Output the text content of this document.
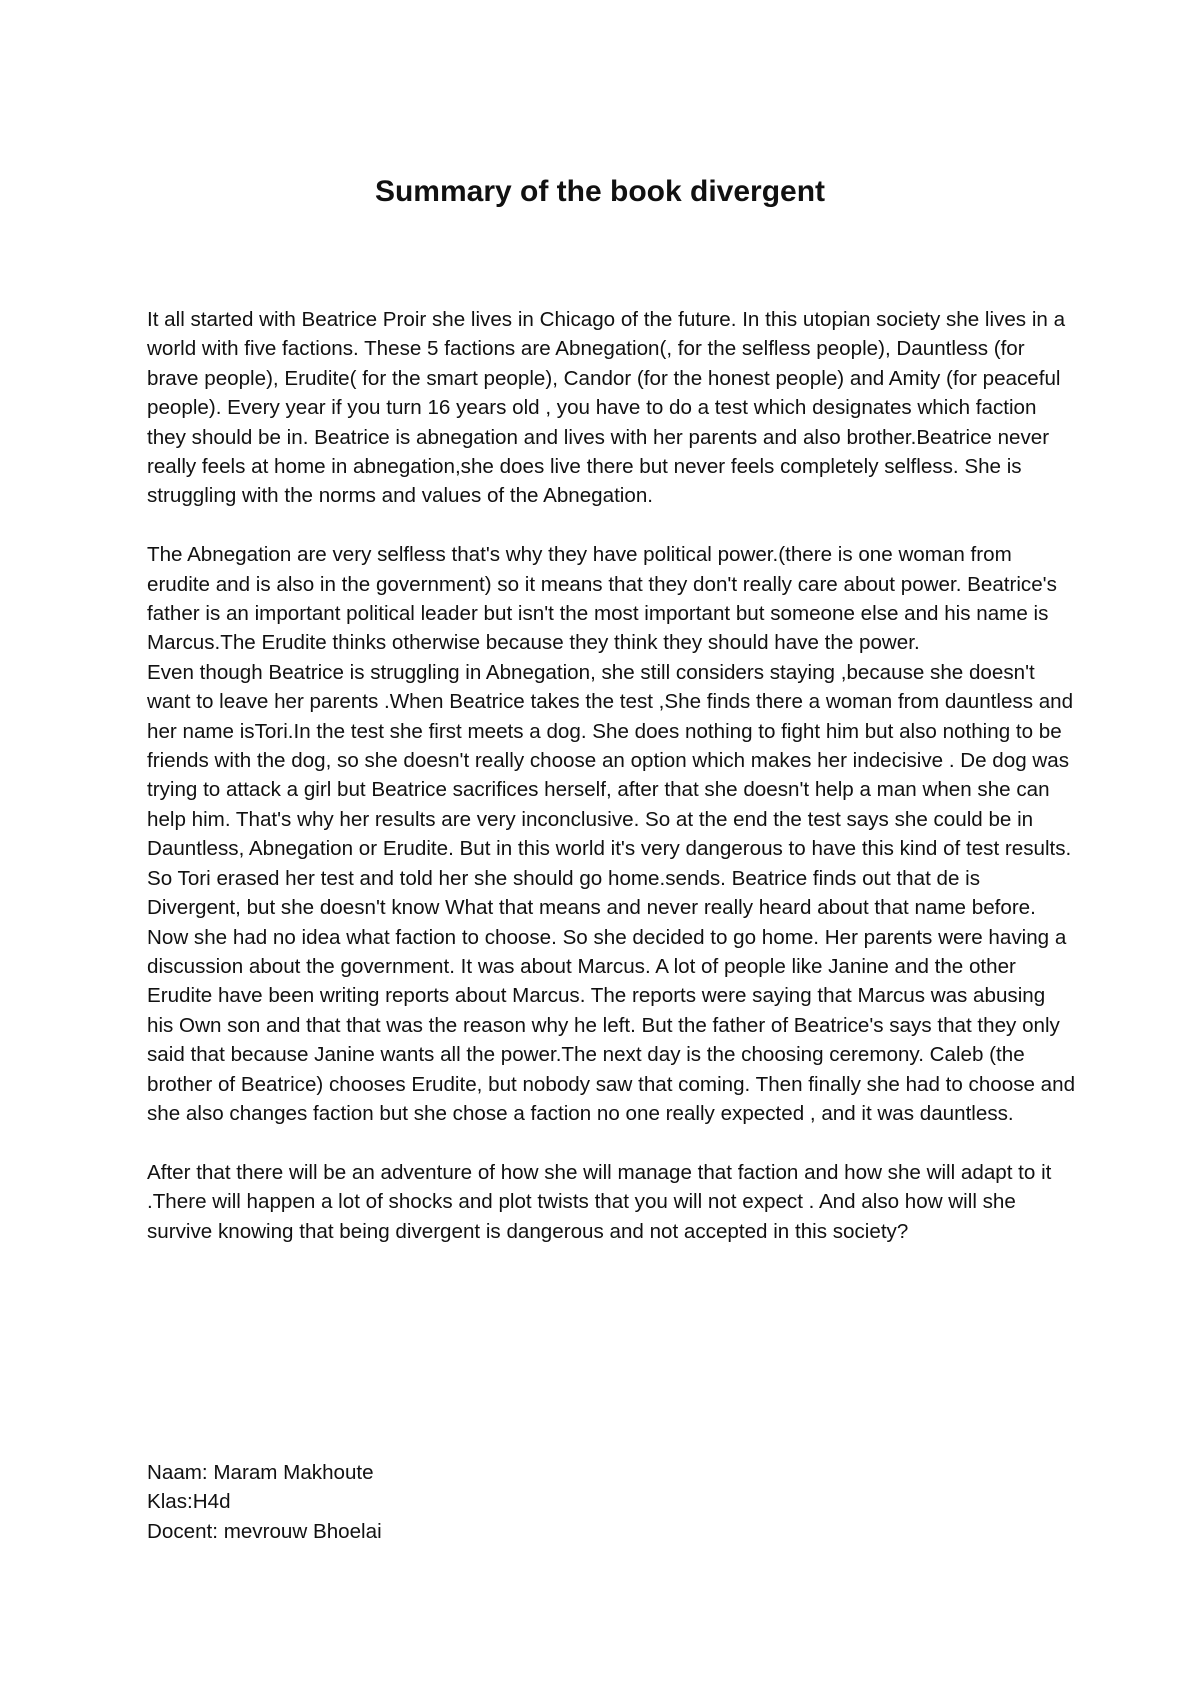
Summary of the book divergent

It all started with Beatrice Proir she lives in Chicago of the future. In this utopian society she lives in a world with five factions. These 5 factions are Abnegation(, for the selfless people), Dauntless (for brave people), Erudite( for the smart people), Candor (for the honest people) and Amity (for peaceful people). Every year if you turn 16 years old , you have to do a test which designates which faction they should be in. Beatrice is abnegation and lives with her parents and also brother.Beatrice never really feels at home in abnegation,she does live there but never feels completely selfless. She is struggling with the norms and values of the Abnegation.

The Abnegation are very selfless that's why they have political power.(there is one woman from erudite and is also in the government) so it means that they don't really care about power. Beatrice's father is an important political leader but isn't the most important but someone else and his name is Marcus.The Erudite thinks otherwise because they think they should have the power.

Even though Beatrice is struggling in Abnegation, she still considers staying ,because she doesn't want to leave her parents .When Beatrice takes the test ,She finds there a woman from dauntless and her name isTori.In the test she first meets a dog. She does nothing to fight him but also nothing to be friends with the dog, so she doesn't really choose an option which makes her indecisive . De dog was trying to attack a girl but Beatrice sacrifices herself, after that she doesn't help a man when she can help him. That's why her results are very inconclusive. So at the end the test says she could be in Dauntless, Abnegation or Erudite. But in this world it's very dangerous to have this kind of test results. So Tori erased her test and told her she should go home.sends. Beatrice finds out that de is Divergent, but she doesn't know What that means and never really heard about that name before. Now she had no idea what faction to choose. So she decided to go home. Her parents were having a discussion about the government. It was about Marcus. A lot of people like Janine and the other Erudite have been writing reports about Marcus. The reports were saying that Marcus was abusing his Own son and that that was the reason why he left. But the father of Beatrice's says that they only said that because Janine wants all the power.The next day is the choosing ceremony. Caleb (the brother of Beatrice) chooses Erudite, but nobody saw that coming. Then finally she had to choose and she also changes faction but she chose a faction no one really expected , and it was dauntless.

After that there will be an adventure of how she will manage that faction and how she will adapt to it .There will happen a lot of shocks and plot twists that you will not expect . And also how will she survive knowing that being divergent is dangerous and not accepted in this society?

Naam: Maram Makhoute
Klas:H4d
Docent: mevrouw Bhoelai
